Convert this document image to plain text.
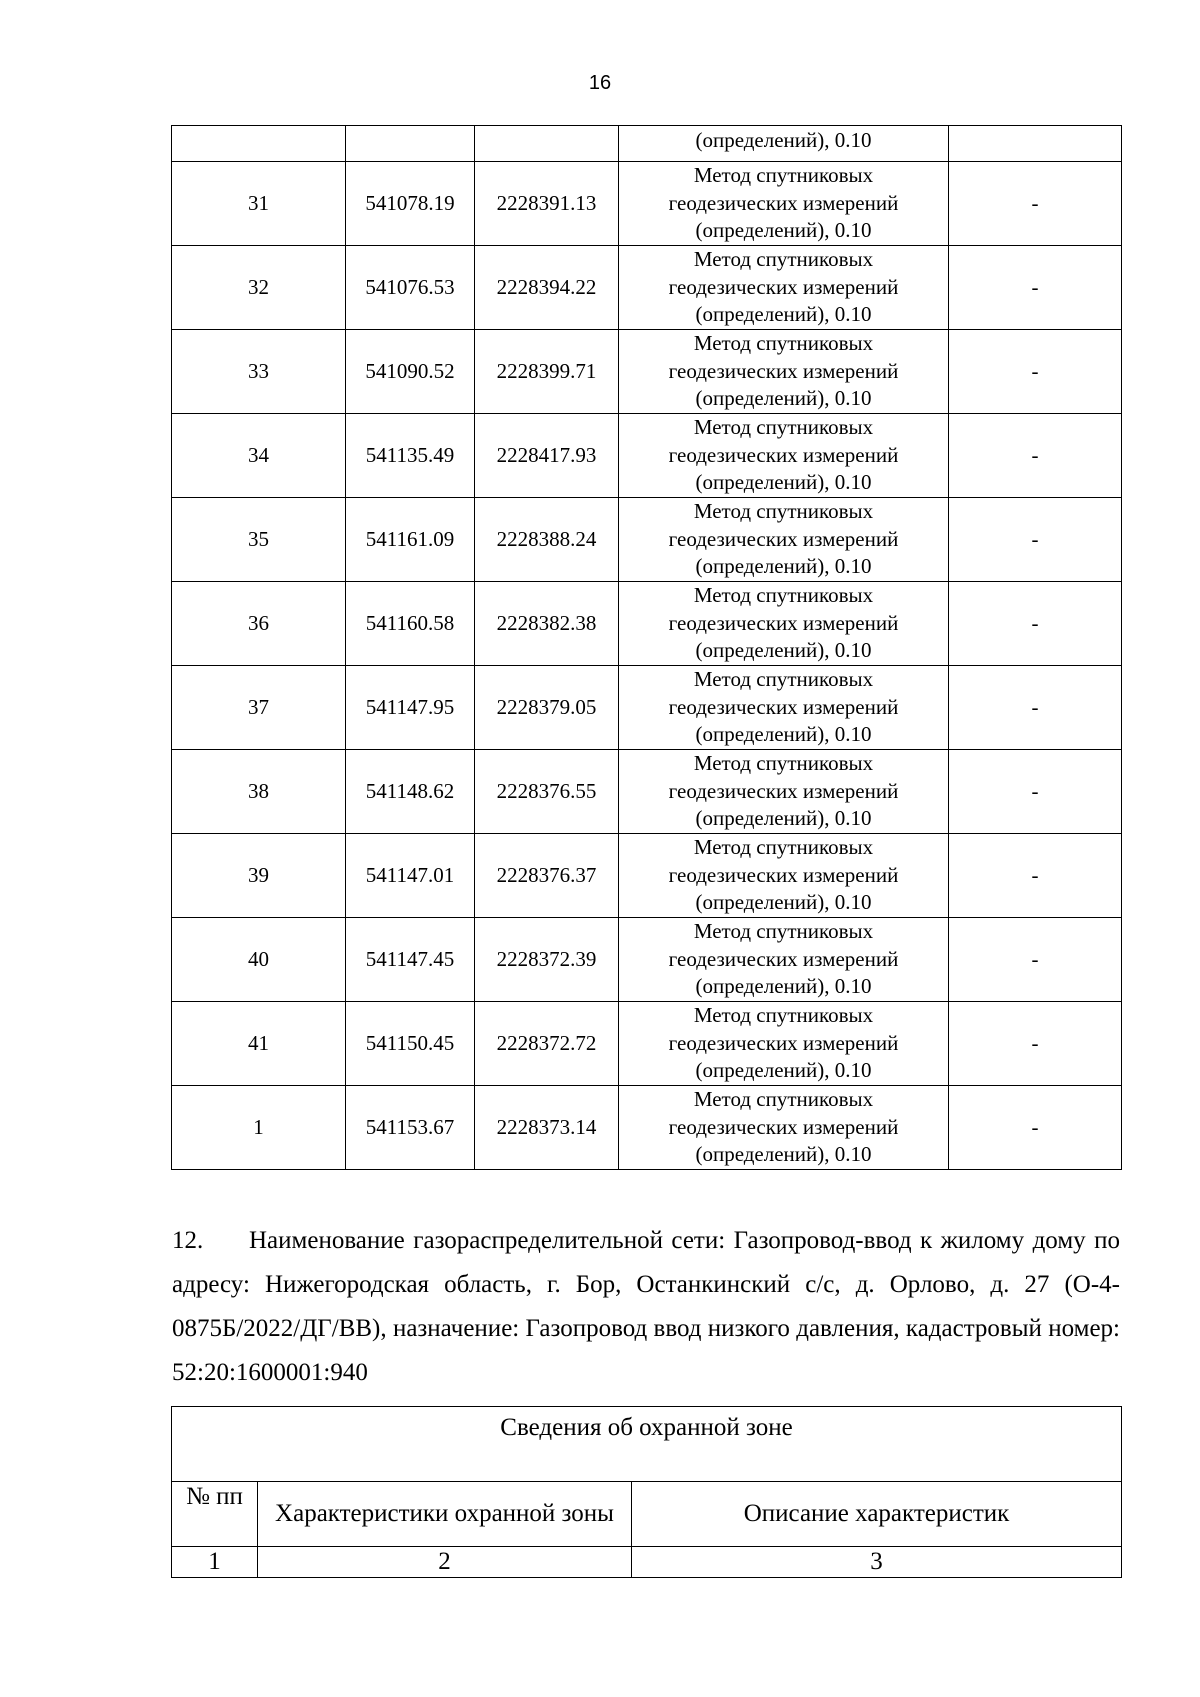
16
			(определений), 0.10	
31	541078.19	2228391.13	Метод спутниковых
геодезических измерений
(определений), 0.10	-
32	541076.53	2228394.22	Метод спутниковых
геодезических измерений
(определений), 0.10	-
33	541090.52	2228399.71	Метод спутниковых
геодезических измерений
(определений), 0.10	-
34	541135.49	2228417.93	Метод спутниковых
геодезических измерений
(определений), 0.10	-
35	541161.09	2228388.24	Метод спутниковых
геодезических измерений
(определений), 0.10	-
36	541160.58	2228382.38	Метод спутниковых
геодезических измерений
(определений), 0.10	-
37	541147.95	2228379.05	Метод спутниковых
геодезических измерений
(определений), 0.10	-
38	541148.62	2228376.55	Метод спутниковых
геодезических измерений
(определений), 0.10	-
39	541147.01	2228376.37	Метод спутниковых
геодезических измерений
(определений), 0.10	-
40	541147.45	2228372.39	Метод спутниковых
геодезических измерений
(определений), 0.10	-
41	541150.45	2228372.72	Метод спутниковых
геодезических измерений
(определений), 0.10	-
1	541153.67	2228373.14	Метод спутниковых
геодезических измерений
(определений), 0.10	-
12. Наименование газораспределительной сети: Газопровод-ввод к жилому дому по адресу: Нижегородская область, г. Бор, Останкинский с/с, д. Орлово, д. 27 (О-4-0875Б/2022/ДГ/ВВ), назначение: Газопровод ввод низкого давления, кадастровый номер: 52:20:1600001:940
Сведения об охранной зоне		
№ пп	Характеристики охранной зоны	Описание характеристик
1	2	3
